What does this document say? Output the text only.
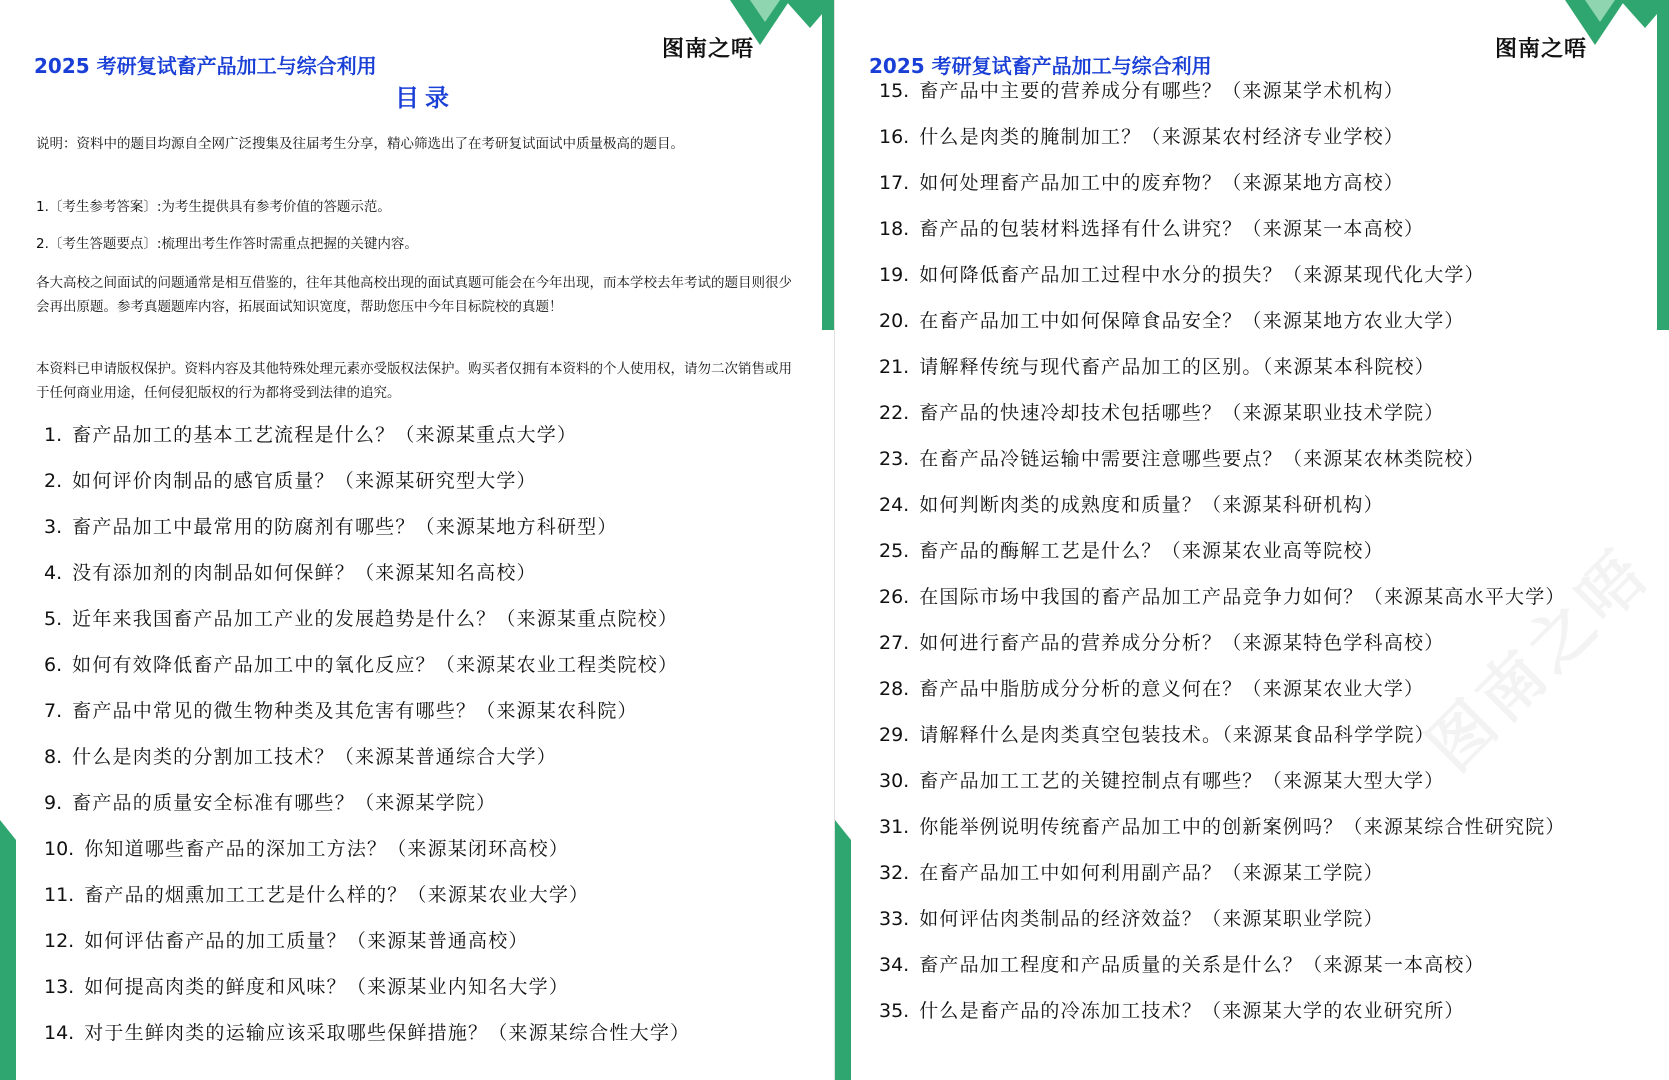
2025 考研复试畜产品加工与综合利用
图南之唔
目录

说明：资料中的题目均源自全网广泛搜集及往届考生分享，精心筛选出了在考研复试面试中质量极高的题目。

1.〔考生参考答案〕:为考生提供具有参考价值的答题示范。

2.〔考生答题要点〕:梳理出考生作答时需重点把握的关键内容。

各大高校之间面试的问题通常是相互借鉴的，往年其他高校出现的面试真题可能会在今年出现，而本学校去年考试的题目则很少会再出原题。参考真题题库内容，拓展面试知识宽度，帮助您压中今年目标院校的真题！

本资料已申请版权保护。资料内容及其他特殊处理元素亦受版权法保护。购买者仅拥有本资料的个人使用权，请勿二次销售或用于任何商业用途，任何侵犯版权的行为都将受到法律的追究。

1. 畜产品加工的基本工艺流程是什么？（来源某重点大学）
2. 如何评价肉制品的感官质量？（来源某研究型大学）
3. 畜产品加工中最常用的防腐剂有哪些？（来源某地方科研型）
4. 没有添加剂的肉制品如何保鲜？（来源某知名高校）
5. 近年来我国畜产品加工产业的发展趋势是什么？（来源某重点院校）
6. 如何有效降低畜产品加工中的氧化反应？（来源某农业工程类院校）
7. 畜产品中常见的微生物种类及其危害有哪些？（来源某农科院）
8. 什么是肉类的分割加工技术？（来源某普通综合大学）
9. 畜产品的质量安全标准有哪些？（来源某学院）
10. 你知道哪些畜产品的深加工方法？（来源某闭环高校）
11. 畜产品的烟熏加工工艺是什么样的？（来源某农业大学）
12. 如何评估畜产品的加工质量？（来源某普通高校）
13. 如何提高肉类的鲜度和风味？（来源某业内知名大学）
14. 对于生鲜肉类的运输应该采取哪些保鲜措施？（来源某综合性大学）
图南之唔
2025 考研复试畜产品加工与综合利用
图南之唔
15. 畜产品中主要的营养成分有哪些？（来源某学术机构）
16. 什么是肉类的腌制加工？（来源某农村经济专业学校）
17. 如何处理畜产品加工中的废弃物？（来源某地方高校）
18. 畜产品的包装材料选择有什么讲究？（来源某一本高校）
19. 如何降低畜产品加工过程中水分的损失？（来源某现代化大学）
20. 在畜产品加工中如何保障食品安全？（来源某地方农业大学）
21. 请解释传统与现代畜产品加工的区别。（来源某本科院校）
22. 畜产品的快速冷却技术包括哪些？（来源某职业技术学院）
23. 在畜产品冷链运输中需要注意哪些要点？（来源某农林类院校）
24. 如何判断肉类的成熟度和质量？（来源某科研机构）
25. 畜产品的酶解工艺是什么？（来源某农业高等院校）
26. 在国际市场中我国的畜产品加工产品竞争力如何？（来源某高水平大学）
27. 如何进行畜产品的营养成分分析？（来源某特色学科高校）
28. 畜产品中脂肪成分分析的意义何在？（来源某农业大学）
29. 请解释什么是肉类真空包装技术。（来源某食品科学学院）
30. 畜产品加工工艺的关键控制点有哪些？（来源某大型大学）
31. 你能举例说明传统畜产品加工中的创新案例吗？（来源某综合性研究院）
32. 在畜产品加工中如何利用副产品？（来源某工学院）
33. 如何评估肉类制品的经济效益？（来源某职业学院）
34. 畜产品加工程度和产品质量的关系是什么？（来源某一本高校）
35. 什么是畜产品的冷冻加工技术？（来源某大学的农业研究所）
